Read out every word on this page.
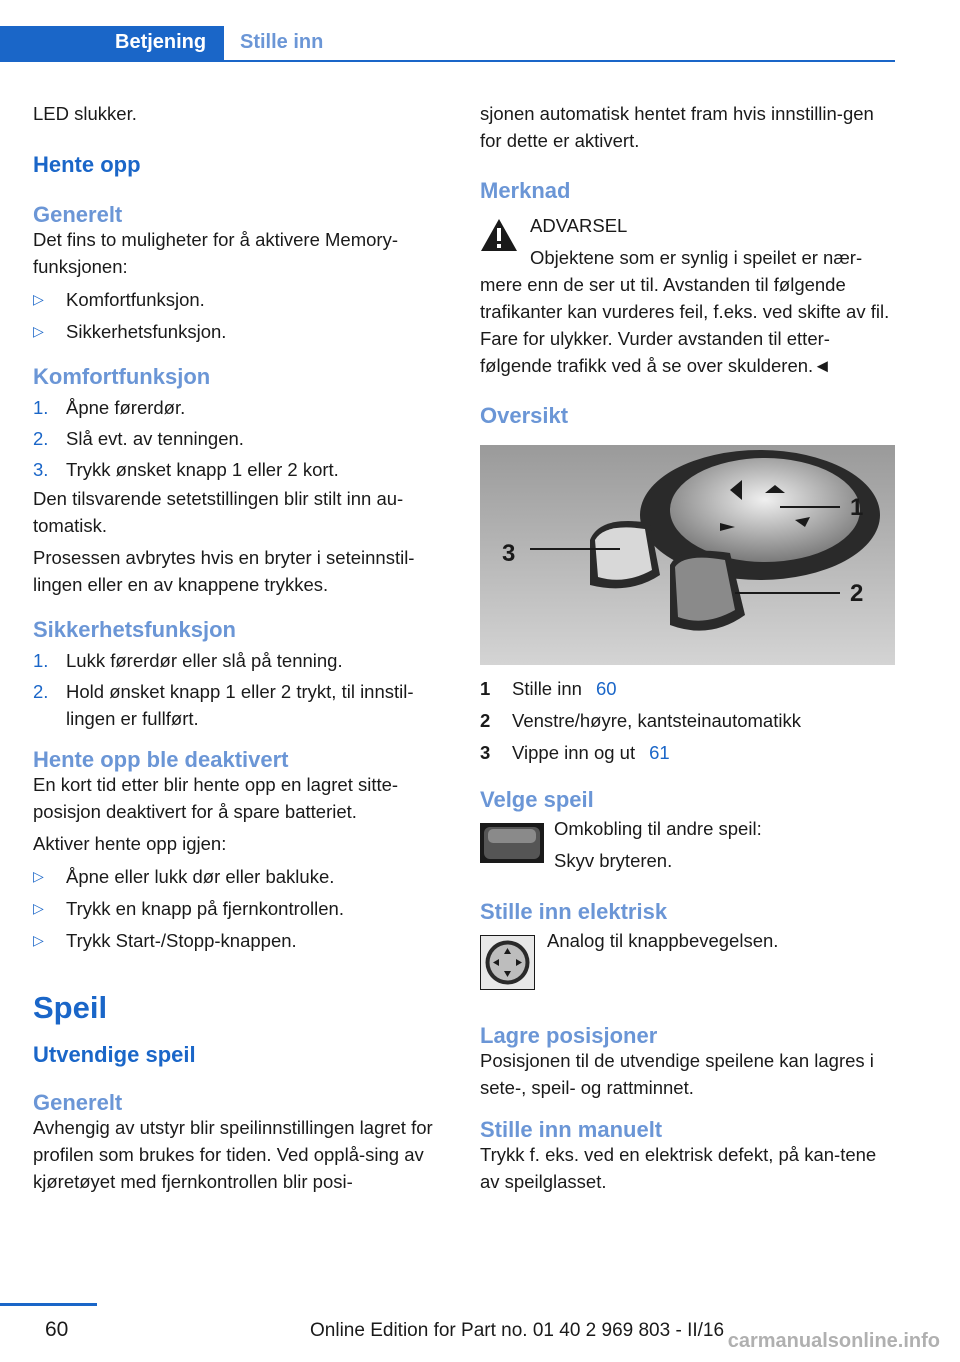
Betjening	Stille inn

LED slukker.

Hente opp
Generelt

Det fins to muligheter for å aktivere Memory-funksjonen:

▷ Komfortfunksjon.
▷ Sikkerhetsfunksjon.
Komfortfunksjon
1. Åpne førerdør.
2. Slå evt. av tenningen.
3. Trykk ønsket knapp 1 eller 2 kort.

Den tilsvarende setetstillingen blir stilt inn au-tomatisk.

Prosessen avbrytes hvis en bryter i seteinnstil-lingen eller en av knappene trykkes.

Sikkerhetsfunksjon
1. Lukk førerdør eller slå på tenning.
2. Hold ønsket knapp 1 eller 2 trykt, til innstil-lingen er fullført.
Hente opp ble deaktivert

En kort tid etter blir hente opp en lagret sitte-posisjon deaktivert for å spare batteriet.

Aktiver hente opp igjen:

▷ Åpne eller lukk dør eller bakluke.
▷ Trykk en knapp på fjernkontrollen.
▷ Trykk Start-/Stopp-knappen.
Speil
Utvendige speil
Generelt

Avhengig av utstyr blir speilinnstillingen lagret for profilen som brukes for tiden. Ved opplå-sing av kjøretøyet med fjernkontrollen blir posi-

sjonen automatisk hentet fram hvis innstillin-gen for dette er aktivert.

Merknad

ADVARSEL

Objektene som er synlig i speilet er nær-mere enn de ser ut til. Avstanden til følgende trafikanter kan vurderes feil, f.eks. ved skifte av fil. Fare for ulykker. Vurder avstanden til etter-følgende trafikk ved å se over skulderen.◄

Oversikt
3
1
2
1	Stille inn 60
2	Venstre/høyre, kantsteinautomatikk
3	Vippe inn og ut 61
Velge speil

Omkobling til andre speil:

Skyv bryteren.

Stille inn elektrisk

Analog til knappbevegelsen.

Lagre posisjoner

Posisjonen til de utvendige speilene kan lagres i sete-, speil- og rattminnet.

Stille inn manuelt

Trykk f. eks. ved en elektrisk defekt, på kan-tene av speilglasset.

60	Online Edition for Part no. 01 40 2 969 803 - II/16 carmanualsonline.info
